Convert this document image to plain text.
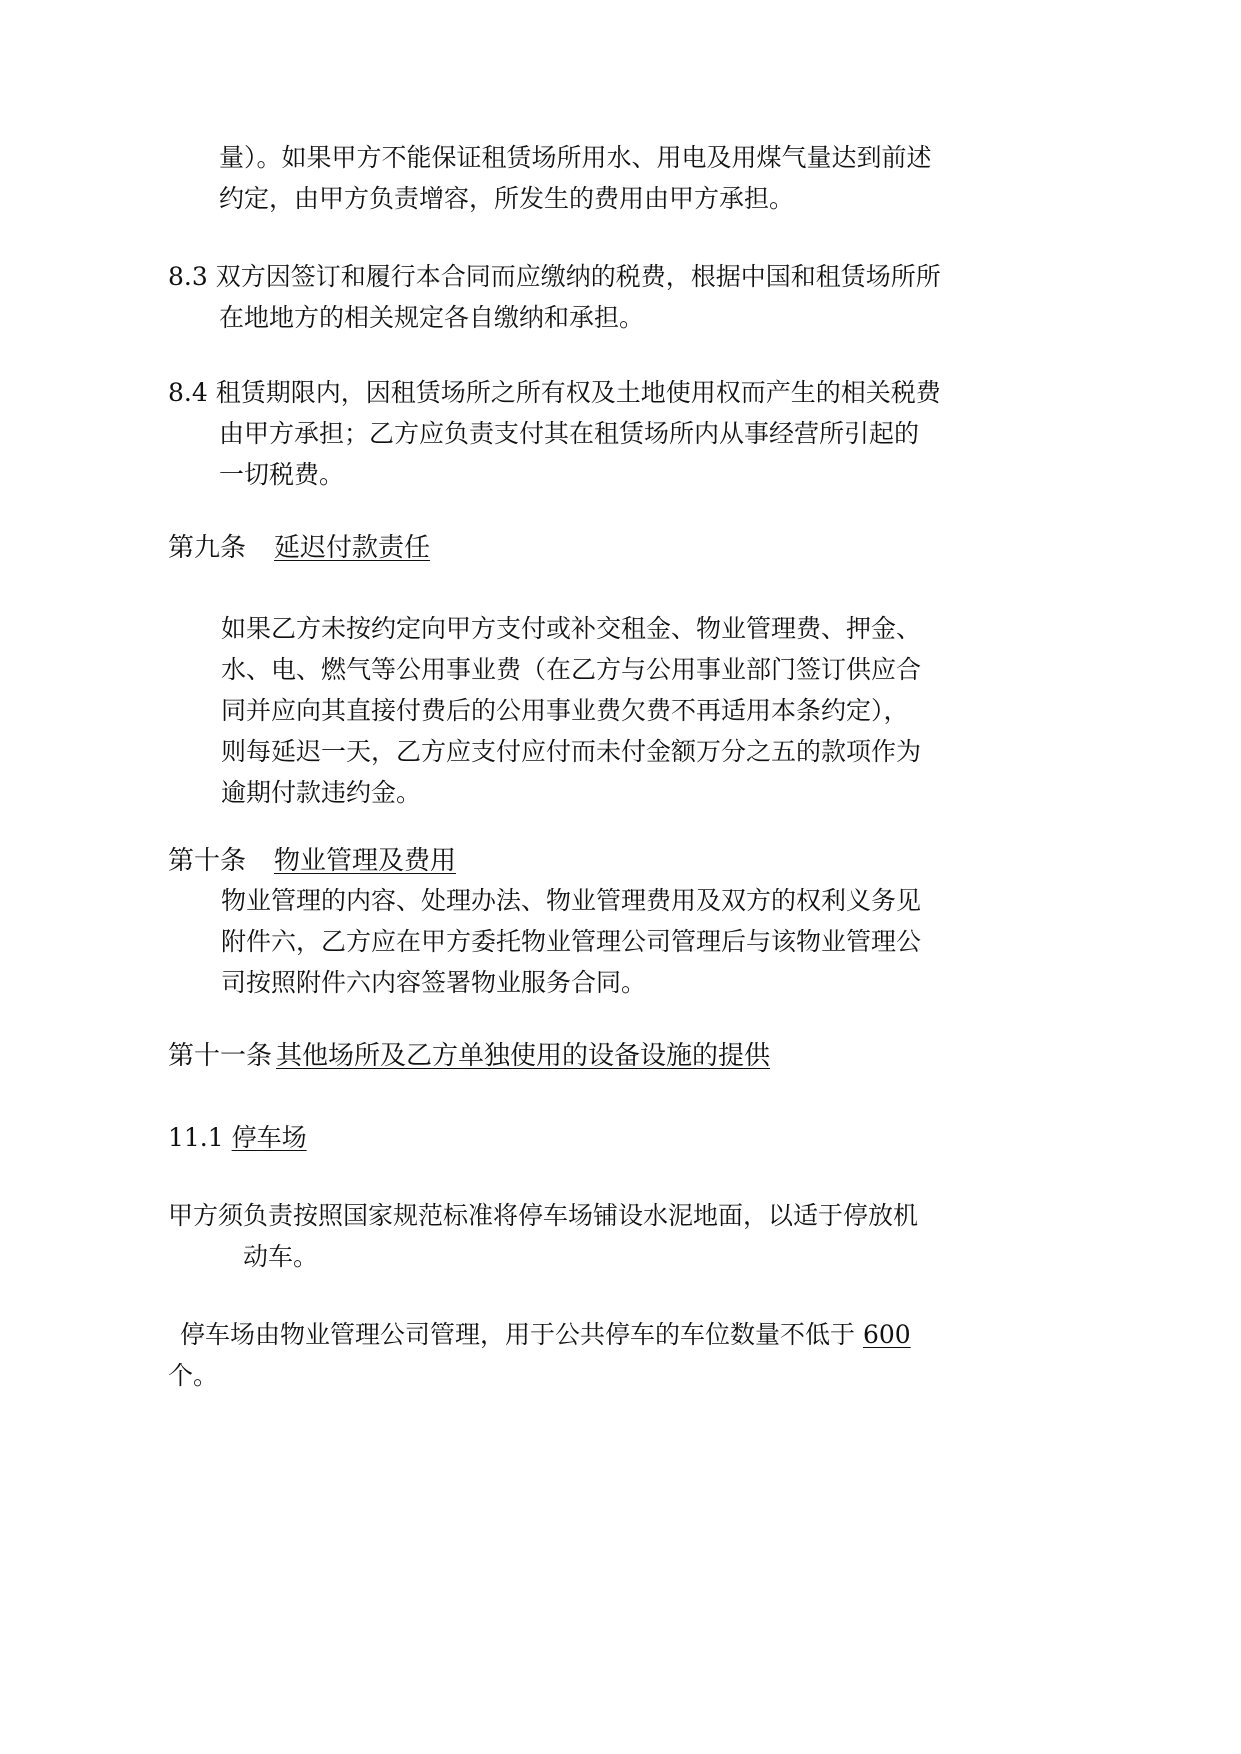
量）。如果甲方不能保证租赁场所用水、用电及用煤气量达到前述
约定，由甲方负责增容，所发生的费用由甲方承担。
8.3 双方因签订和履行本合同而应缴纳的税费，根据中国和租赁场所所
在地地方的相关规定各自缴纳和承担。
8.4 租赁期限内，因租赁场所之所有权及土地使用权而产生的相关税费
由甲方承担；乙方应负责支付其在租赁场所内从事经营所引起的
一切税费。
第九条 延迟付款责任
如果乙方未按约定向甲方支付或补交租金、物业管理费、押金、
水、电、燃气等公用事业费（在乙方与公用事业部门签订供应合
同并应向其直接付费后的公用事业费欠费不再适用本条约定），
则每延迟一天，乙方应支付应付而未付金额万分之五的款项作为
逾期付款违约金。
第十条 物业管理及费用
物业管理的内容、处理办法、物业管理费用及双方的权利义务见
附件六，乙方应在甲方委托物业管理公司管理后与该物业管理公
司按照附件六内容签署物业服务合同。
第十一条 其他场所及乙方单独使用的设备设施的提供
11.1 停车场
甲方须负责按照国家规范标准将停车场铺设水泥地面，以适于停放机
动车。
停车场由物业管理公司管理，用于公共停车的车位数量不低于 600
个。
